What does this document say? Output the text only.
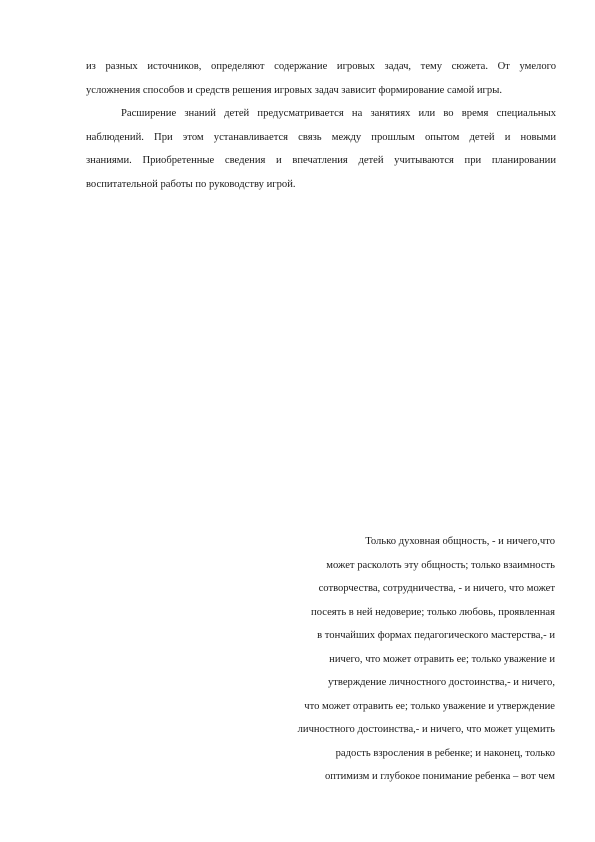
из разных источников, определяют содержание игровых задач, тему сюжета. От умелого
усложнения способов и средств решения игровых задач зависит формирование самой игры.
Расширение знаний детей предусматривается на занятиях или во время специальных
наблюдений. При этом устанавливается связь между прошлым опытом детей и новыми
знаниями. Приобретенные сведения и впечатления детей учитываются при планировании
воспитательной работы по руководству игрой.
Только духовная общность, - и ничего,что
может расколоть эту общность; только взаимность
сотворчества, сотрудничества, - и ничего, что может
посеять в ней недоверие; только любовь, проявленная
в тончайших формах педагогического мастерства,- и
ничего, что может отравить ее; только уважение и
утверждение личностного достоинства,- и ничего,
что может отравить ее; только уважение и утверждение
личностного достоинства,- и ничего, что может ущемить
радость взросления в ребенке; и наконец, только
оптимизм и глубокое понимание ребенка – вот чем
